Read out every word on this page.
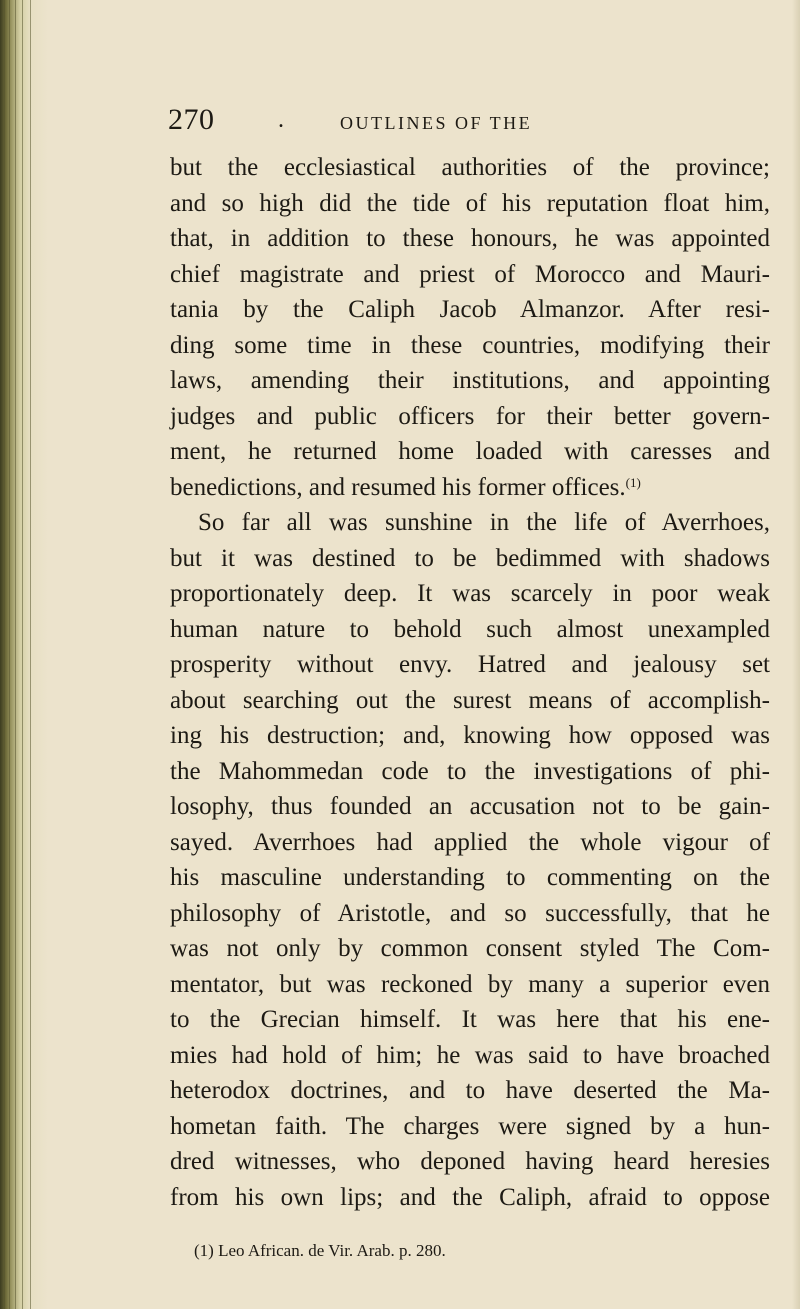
270	.	OUTLINES OF THE
but the ecclesiastical authorities of the province;
and so high did the tide of his reputation float him,
that, in addition to these honours, he was appointed
chief magistrate and priest of Morocco and Mauri-
tania by the Caliph Jacob Almanzor. After resi-
ding some time in these countries, modifying their
laws, amending their institutions, and appointing
judges and public officers for their better govern-
ment, he returned home loaded with caresses and
benedictions, and resumed his former offices.$^{(1)}$
So far all was sunshine in the life of Averrhoes,
but it was destined to be bedimmed with shadows
proportionately deep. It was scarcely in poor weak
human nature to behold such almost unexampled
prosperity without envy. Hatred and jealousy set
about searching out the surest means of accomplish-
ing his destruction; and, knowing how opposed was
the Mahommedan code to the investigations of phi-
losophy, thus founded an accusation not to be gain-
sayed. Averrhoes had applied the whole vigour of
his masculine understanding to commenting on the
philosophy of Aristotle, and so successfully, that he
was not only by common consent styled The Com-
mentator, but was reckoned by many a superior even
to the Grecian himself. It was here that his ene-
mies had hold of him; he was said to have broached
heterodox doctrines, and to have deserted the Ma-
hometan faith. The charges were signed by a hun-
dred witnesses, who deponed having heard heresies
from his own lips; and the Caliph, afraid to oppose
(1) Leo African. de Vir. Arab. p. 280.
